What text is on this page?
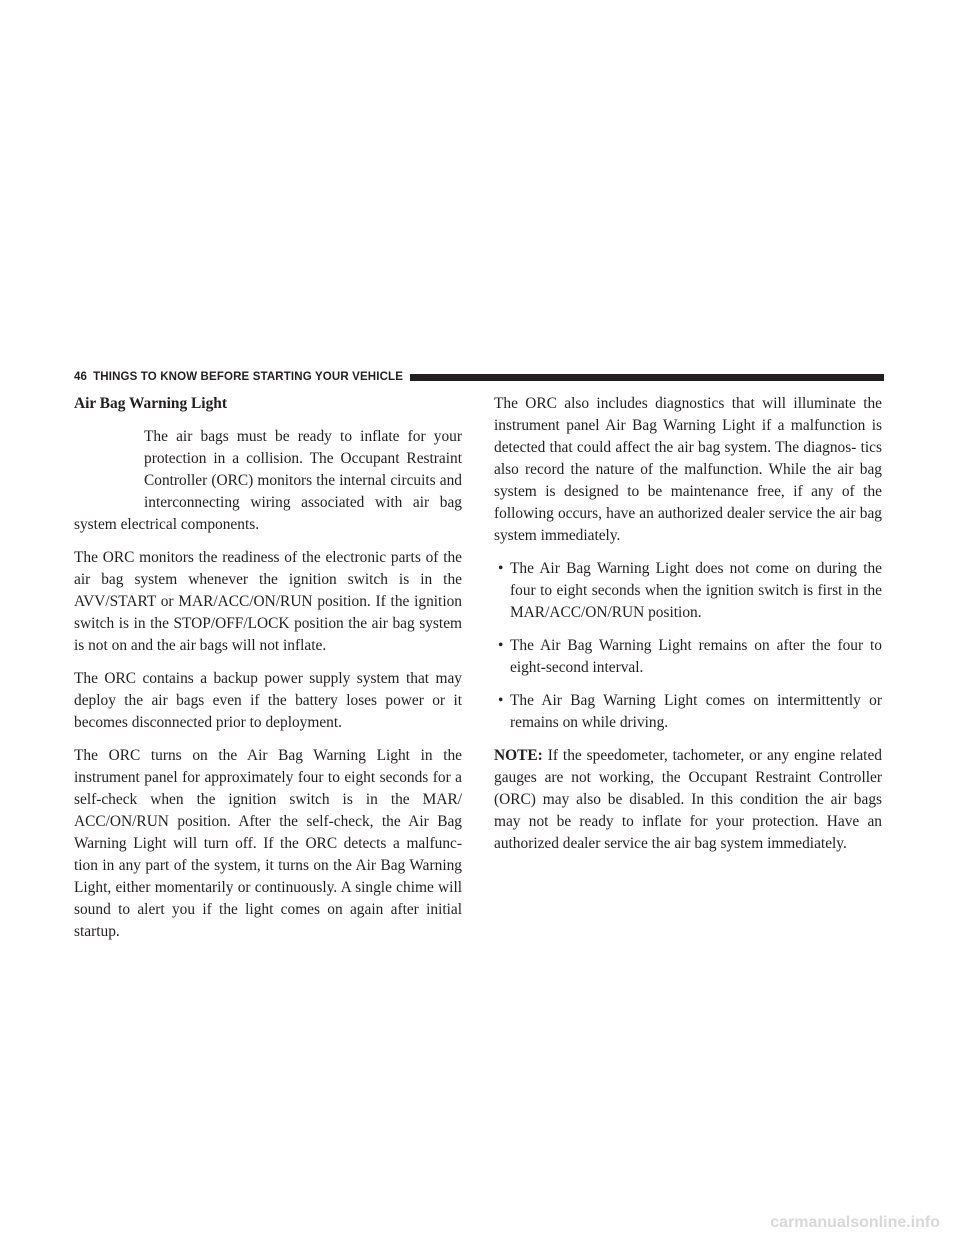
46 THINGS TO KNOW BEFORE STARTING YOUR VEHICLE

Air Bag Warning Light

The air bags must be ready to inflate for your protection in a collision. The Occupant Restraint Controller (ORC) monitors the internal circuits and interconnecting wiring associated with air bag system electrical components.

The ORC monitors the readiness of the electronic parts of the air bag system whenever the ignition switch is in the AVV/START or MAR/ACC/ON/RUN position. If the ignition switch is in the STOP/OFF/LOCK position the air bag system is not on and the air bags will not inflate.

The ORC contains a backup power supply system that may deploy the air bags even if the battery loses power or it becomes disconnected prior to deployment.

The ORC turns on the Air Bag Warning Light in the instrument panel for approximately four to eight seconds for a self-check when the ignition switch is in the MAR/ ACC/ON/RUN position. After the self-check, the Air Bag Warning Light will turn off. If the ORC detects a malfunc- tion in any part of the system, it turns on the Air Bag Warning Light, either momentarily or continuously. A single chime will sound to alert you if the light comes on again after initial startup.

The ORC also includes diagnostics that will illuminate the instrument panel Air Bag Warning Light if a malfunction is detected that could affect the air bag system. The diagnos- tics also record the nature of the malfunction. While the air bag system is designed to be maintenance free, if any of the following occurs, have an authorized dealer service the air bag system immediately.

• The Air Bag Warning Light does not come on during the four to eight seconds when the ignition switch is first in the MAR/ACC/ON/RUN position.
• The Air Bag Warning Light remains on after the four to eight-second interval.
• The Air Bag Warning Light comes on intermittently or remains on while driving.

NOTE: If the speedometer, tachometer, or any engine related gauges are not working, the Occupant Restraint Controller (ORC) may also be disabled. In this condition the air bags may not be ready to inflate for your protection. Have an authorized dealer service the air bag system immediately.

carmanualsonline.info
